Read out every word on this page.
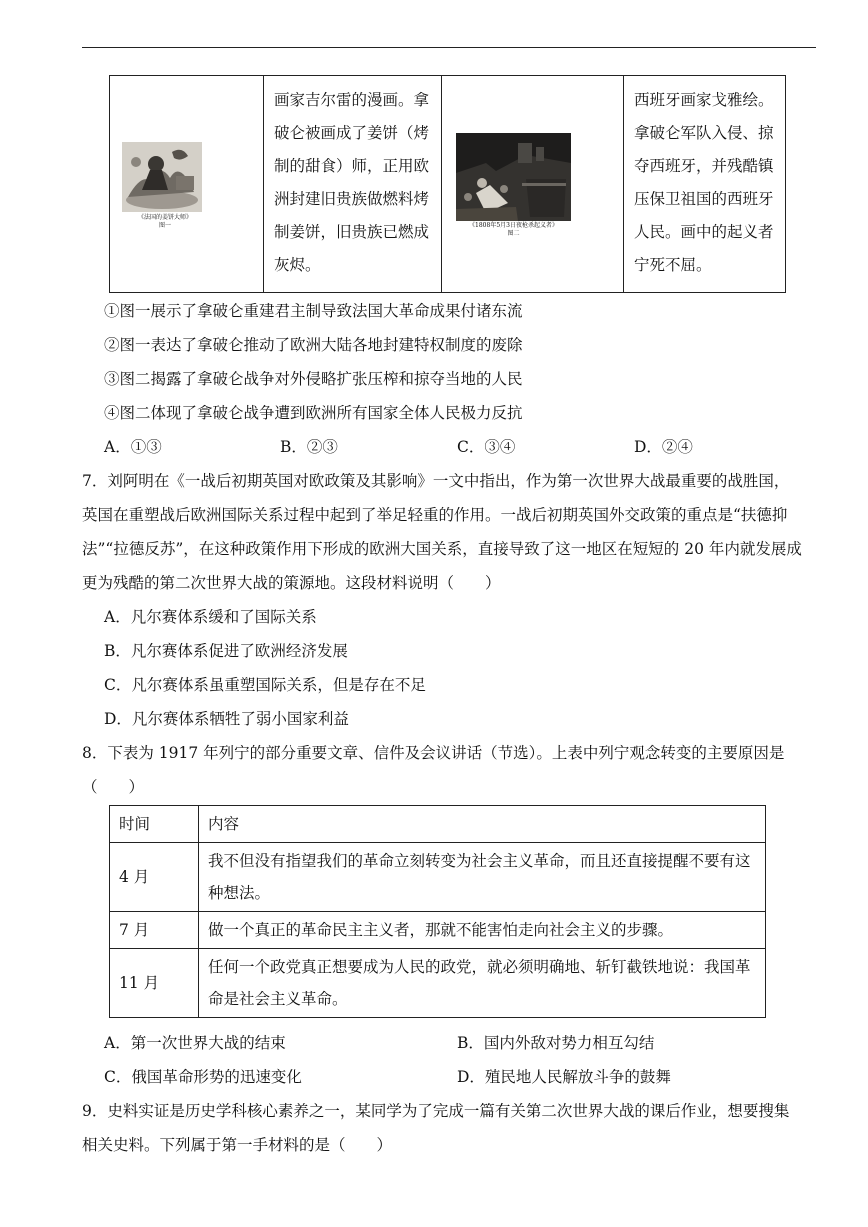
《法国的姜饼大师》
图一

画家吉尔雷的漫画。拿破仑被画成了姜饼（烤制的甜食）师，正用欧洲封建旧贵族做燃料烤制姜饼，旧贵族已燃成灰烬。

《1808年5月3日夜枪杀起义者》
图二

西班牙画家戈雅绘。拿破仑军队入侵、掠夺西班牙，并残酷镇压保卫祖国的西班牙人民。画中的起义者宁死不屈。
①图一展示了拿破仑重建君主制导致法国大革命成果付诸东流
②图一表达了拿破仑推动了欧洲大陆各地封建特权制度的废除
③图二揭露了拿破仑战争对外侵略扩张压榨和掠夺当地的人民
④图二体现了拿破仑战争遭到欧洲所有国家全体人民极力反抗
A．①③	B．②③	C．③④	D．②④
7．刘阿明在《一战后初期英国对欧政策及其影响》一文中指出，作为第一次世界大战最重要的战胜国，
英国在重塑战后欧洲国际关系过程中起到了举足轻重的作用。一战后初期英国外交政策的重点是“扶德抑
法”“拉德反苏”，在这种政策作用下形成的欧洲大国关系，直接导致了这一地区在短短的 20 年内就发展成
更为残酷的第二次世界大战的策源地。这段材料说明（　　）
A．凡尔赛体系缓和了国际关系
B．凡尔赛体系促进了欧洲经济发展
C．凡尔赛体系虽重塑国际关系，但是存在不足
D．凡尔赛体系牺牲了弱小国家利益
8．下表为 1917 年列宁的部分重要文章、信件及会议讲话（节选）。上表中列宁观念转变的主要原因是
（　　）
时间	内容
4 月	我不但没有指望我们的革命立刻转变为社会主义革命，而且还直接提醒不要有这种想法。
7 月	做一个真正的革命民主主义者，那就不能害怕走向社会主义的步骤。
11 月	任何一个政党真正想要成为人民的政党，就必须明确地、斩钉截铁地说：我国革命是社会主义革命。
A．第一次世界大战的结束	B．国内外敌对势力相互勾结
C．俄国革命形势的迅速变化	D．殖民地人民解放斗争的鼓舞
9．史料实证是历史学科核心素养之一，某同学为了完成一篇有关第二次世界大战的课后作业，想要搜集
相关史料。下列属于第一手材料的是（　　）
